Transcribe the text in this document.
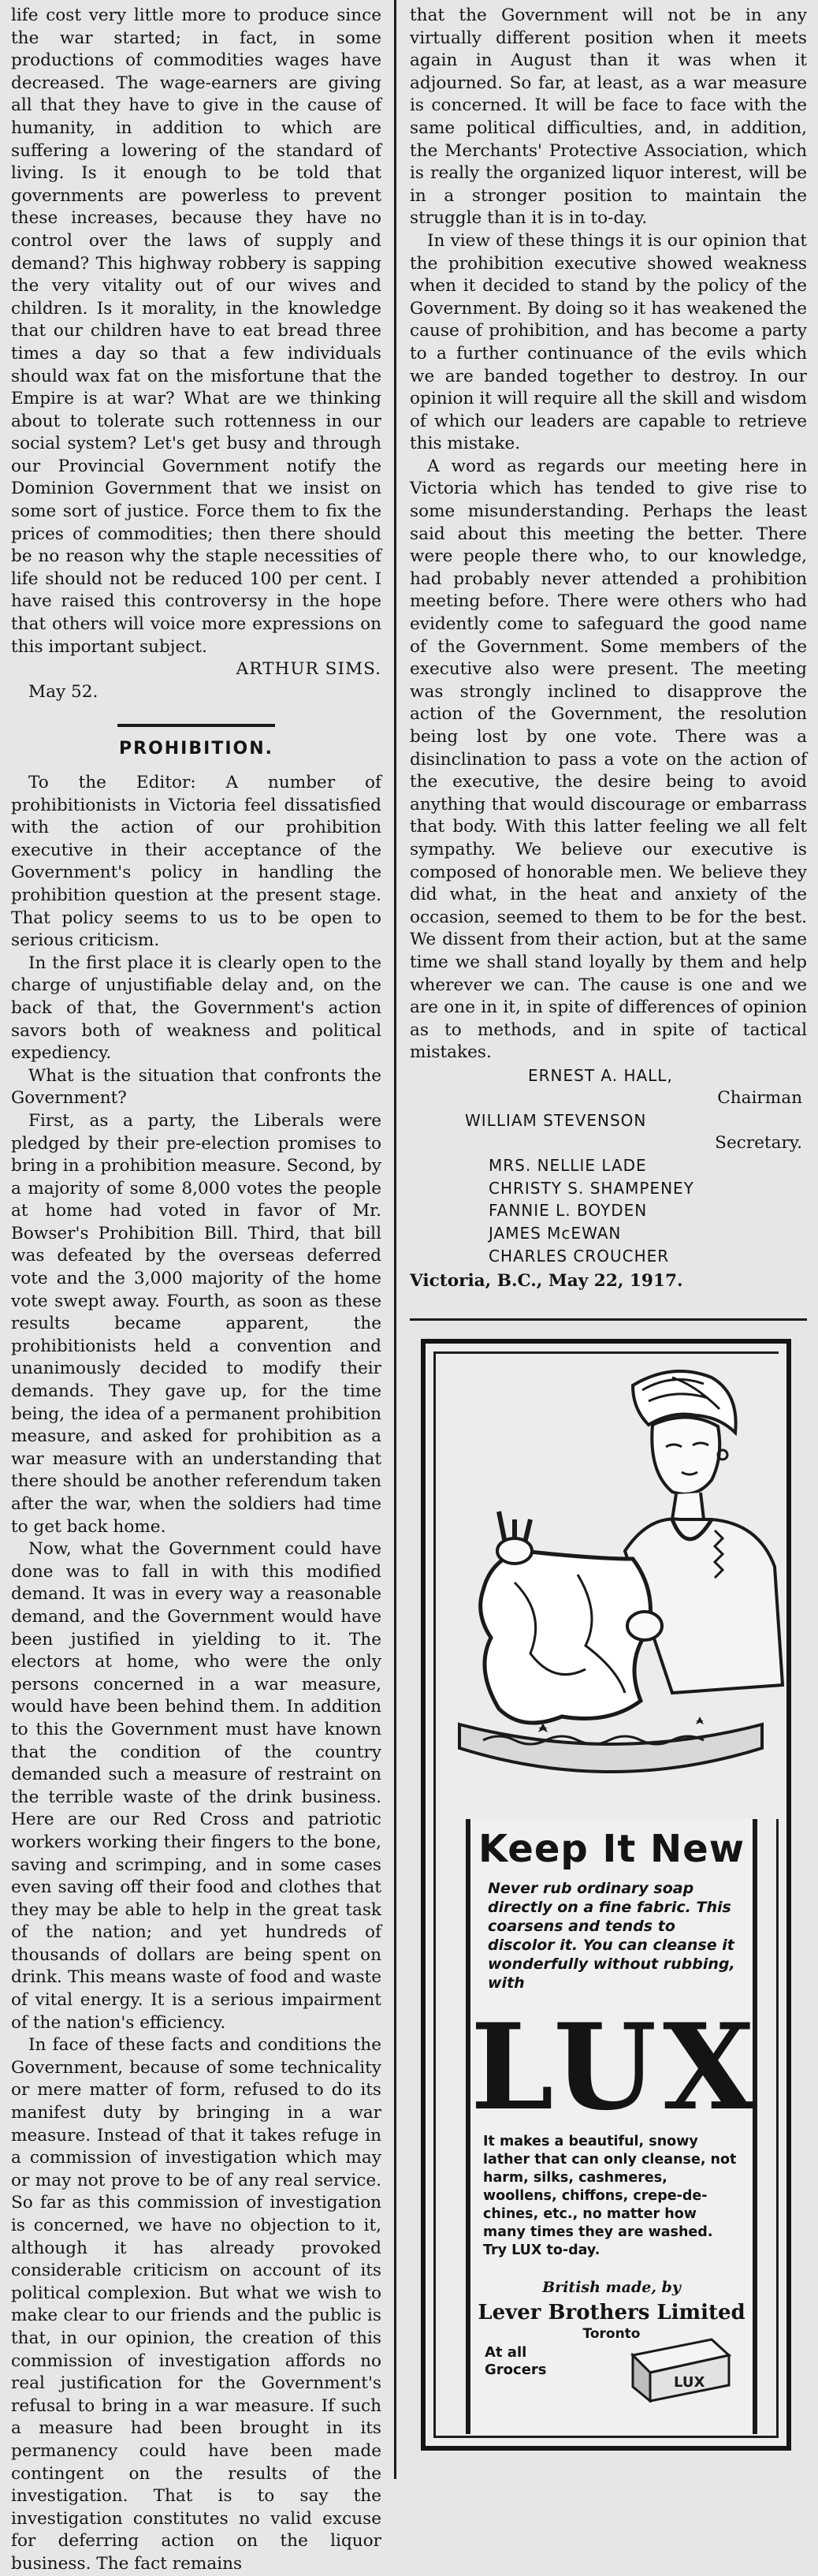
life cost very little more to produce since the war started; in fact, in some productions of commodities wages have decreased. The wage-earners are giving all that they have to give in the cause of humanity, in addition to which are suffering a lowering of the standard of living. Is it enough to be told that governments are powerless to prevent these increases, because they have no control over the laws of supply and demand? This highway robbery is sapping the very vitality out of our wives and children. Is it morality, in the knowledge that our children have to eat bread three times a day so that a few individuals should wax fat on the misfortune that the Empire is at war? What are we thinking about to tolerate such rottenness in our social system? Let's get busy and through our Provincial Government notify the Dominion Government that we insist on some sort of justice. Force them to fix the prices of commodities; then there should be no reason why the staple necessities of life should not be reduced 100 per cent. I have raised this controversy in the hope that others will voice more expressions on this important subject.

ARTHUR SIMS.

May 52.

PROHIBITION.

To the Editor: A number of prohibitionists in Victoria feel dissatisfied with the action of our prohibition executive in their acceptance of the Government's policy in handling the prohibition question at the present stage. That policy seems to us to be open to serious criticism.

In the first place it is clearly open to the charge of unjustifiable delay and, on the back of that, the Government's action savors both of weakness and political expediency.

What is the situation that confronts the Government?

First, as a party, the Liberals were pledged by their pre-election promises to bring in a prohibition measure. Second, by a majority of some 8,000 votes the people at home had voted in favor of Mr. Bowser's Prohibition Bill. Third, that bill was defeated by the overseas deferred vote and the 3,000 majority of the home vote swept away. Fourth, as soon as these results became apparent, the prohibitionists held a convention and unanimously decided to modify their demands. They gave up, for the time being, the idea of a permanent prohibition measure, and asked for prohibition as a war measure with an understanding that there should be another referendum taken after the war, when the soldiers had time to get back home.

Now, what the Government could have done was to fall in with this modified demand. It was in every way a reasonable demand, and the Government would have been justified in yielding to it. The electors at home, who were the only persons concerned in a war measure, would have been behind them. In addition to this the Government must have known that the condition of the country demanded such a measure of restraint on the terrible waste of the drink business. Here are our Red Cross and patriotic workers working their fingers to the bone, saving and scrimping, and in some cases even saving off their food and clothes that they may be able to help in the great task of the nation; and yet hundreds of thousands of dollars are being spent on drink. This means waste of food and waste of vital energy. It is a serious impairment of the nation's efficiency.

In face of these facts and conditions the Government, because of some technicality or mere matter of form, refused to do its manifest duty by bringing in a war measure. Instead of that it takes refuge in a commission of investigation which may or may not prove to be of any real service. So far as this commission of investigation is concerned, we have no objection to it, although it has already provoked considerable criticism on account of its political complexion. But what we wish to make clear to our friends and the public is that, in our opinion, the creation of this commission of investigation affords no real justification for the Government's refusal to bring in a war measure. If such a measure had been brought in its permanency could have been made contingent on the results of the investigation. That is to say the investigation constitutes no valid excuse for deferring action on the liquor business. The fact remains

that the Government will not be in any virtually different position when it meets again in August than it was when it adjourned. So far, at least, as a war measure is concerned. It will be face to face with the same political difficulties, and, in addition, the Merchants' Protective Association, which is really the organized liquor interest, will be in a stronger position to maintain the struggle than it is in to-day.

In view of these things it is our opinion that the prohibition executive showed weakness when it decided to stand by the policy of the Government. By doing so it has weakened the cause of prohibition, and has become a party to a further continuance of the evils which we are banded together to destroy. In our opinion it will require all the skill and wisdom of which our leaders are capable to retrieve this mistake.

A word as regards our meeting here in Victoria which has tended to give rise to some misunderstanding. Perhaps the least said about this meeting the better. There were people there who, to our knowledge, had probably never attended a prohibition meeting before. There were others who had evidently come to safeguard the good name of the Government. Some members of the executive also were present. The meeting was strongly inclined to disapprove the action of the Government, the resolution being lost by one vote. There was a disinclination to pass a vote on the action of the executive, the desire being to avoid anything that would discourage or embarrass that body. With this latter feeling we all felt sympathy. We believe our executive is composed of honorable men. We believe they did what, in the heat and anxiety of the occasion, seemed to them to be for the best. We dissent from their action, but at the same time we shall stand loyally by them and help wherever we can. The cause is one and we are one in it, in spite of differences of opinion as to methods, and in spite of tactical mistakes.

ERNEST A. HALL,

Chairman

WILLIAM STEVENSON

Secretary.

MRS. NELLIE LADE

CHRISTY S. SHAMPENEY

FANNIE L. BOYDEN

JAMES McEWAN

CHARLES CROUCHER

Victoria, B.C., May 22, 1917.

Keep It New
Never rub ordinary soap directly on a fine fabric. This coarsens and tends to discolor it. You can cleanse it wonderfully without rubbing, with
LUX
It makes a beautiful, snowy lather that can only cleanse, not harm, silks, cashmeres, woollens, chiffons, crepe-de-chines, etc., no matter how many times they are washed. Try LUX to-day.
British made, by
Lever Brothers Limited
Toronto
At all
Grocers
LUX
